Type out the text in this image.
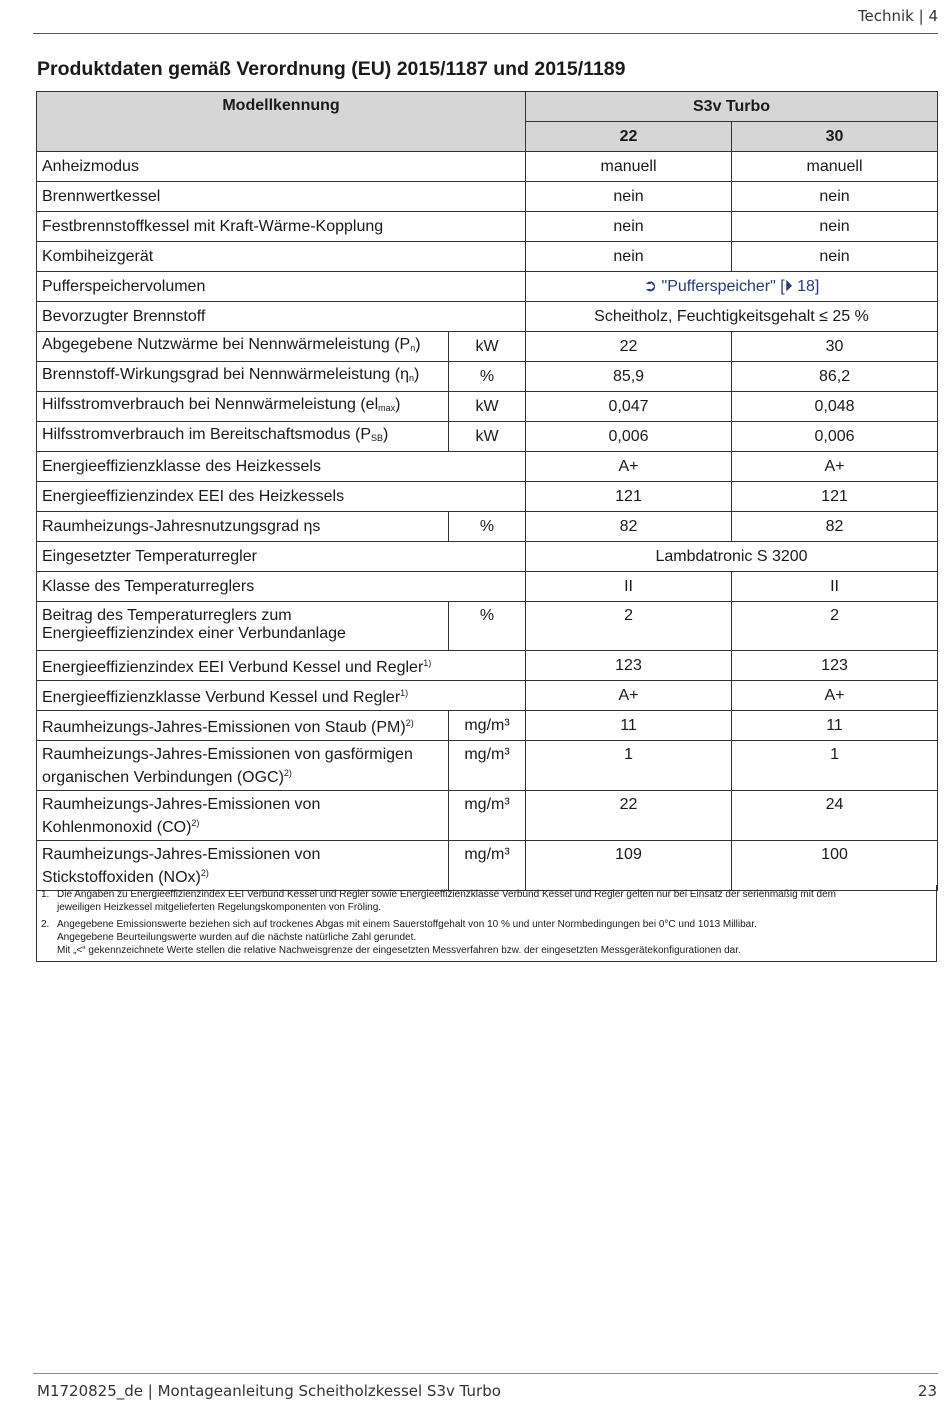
Technik | 4
Produktdaten gemäß Verordnung (EU) 2015/1187 und 2015/1189
Modellkennung		S3v Turbo	
		22	30
Anheizmodus		manuell	manuell
Brennwertkessel		nein	nein
Festbrennstoffkessel mit Kraft-Wärme-Kopplung		nein	nein
Kombiheizgerät		nein	nein
Pufferspeichervolumen		➲ "Pufferspeicher" [⏵ 18]	
Bevorzugter Brennstoff		Scheitholz, Feuchtigkeitsgehalt ≤ 25 %	
Abgegebene Nutzwärme bei Nennwärmeleistung $(P_n)$	kW	22	30
Brennstoff-Wirkungsgrad bei Nennwärmeleistung $(\eta_n)$	%	85,9	86,2
Hilfsstromverbrauch bei Nennwärmeleistung $(el_{max})$	kW	0,047	0,048
Hilfsstromverbrauch im Bereitschaftsmodus $(P_{SB})$	kW	0,006	0,006
Energieeffizienzklasse des Heizkessels		A+	A+
Energieeffizienzindex EEI des Heizkessels		121	121
Raumheizungs-Jahresnutzungsgrad ηs	%	82	82
Eingesetzter Temperaturregler		Lambdatronic S 3200	
Klasse des Temperaturreglers		II	II
Beitrag des Temperaturreglers zum
Energieeffizienzindex einer Verbundanlage	%	2	2
Energieeffizienzindex EEI Verbund Kessel und Regler$^{1)}$		123	123
Energieeffizienzklasse Verbund Kessel und Regler$^{1)}$		A+	A+
Raumheizungs-Jahres-Emissionen von Staub (PM)$^{2)}$	mg/m³	11	11
Raumheizungs-Jahres-Emissionen von gasförmigen
organischen Verbindungen (OGC)$^{2)}$	mg/m³	1	1
Raumheizungs-Jahres-Emissionen von
Kohlenmonoxid (CO)$^{2)}$	mg/m³	22	24
Raumheizungs-Jahres-Emissionen von
Stickstoffoxiden (NOx)$^{2)}$	mg/m³	109	100
1. Die Angaben zu Energieeffizienzindex EEI Verbund Kessel und Regler sowie Energieeffizienzklasse Verbund Kessel und Regler gelten nur bei Einsatz der serienmäßig mit dem
jeweiligen Heizkessel mitgelieferten Regelungskomponenten von Fröling.
2. Angegebene Emissionswerte beziehen sich auf trockenes Abgas mit einem Sauerstoffgehalt von 10 % und unter Normbedingungen bei 0°C und 1013 Millibar.
Angegebene Beurteilungswerte wurden auf die nächste natürliche Zahl gerundet.
Mit „<“ gekennzeichnete Werte stellen die relative Nachweisgrenze der eingesetzten Messverfahren bzw. der eingesetzten Messgerätekonfigurationen dar.
M1720825_de | Montageanleitung Scheitholzkessel S3v Turbo	23
